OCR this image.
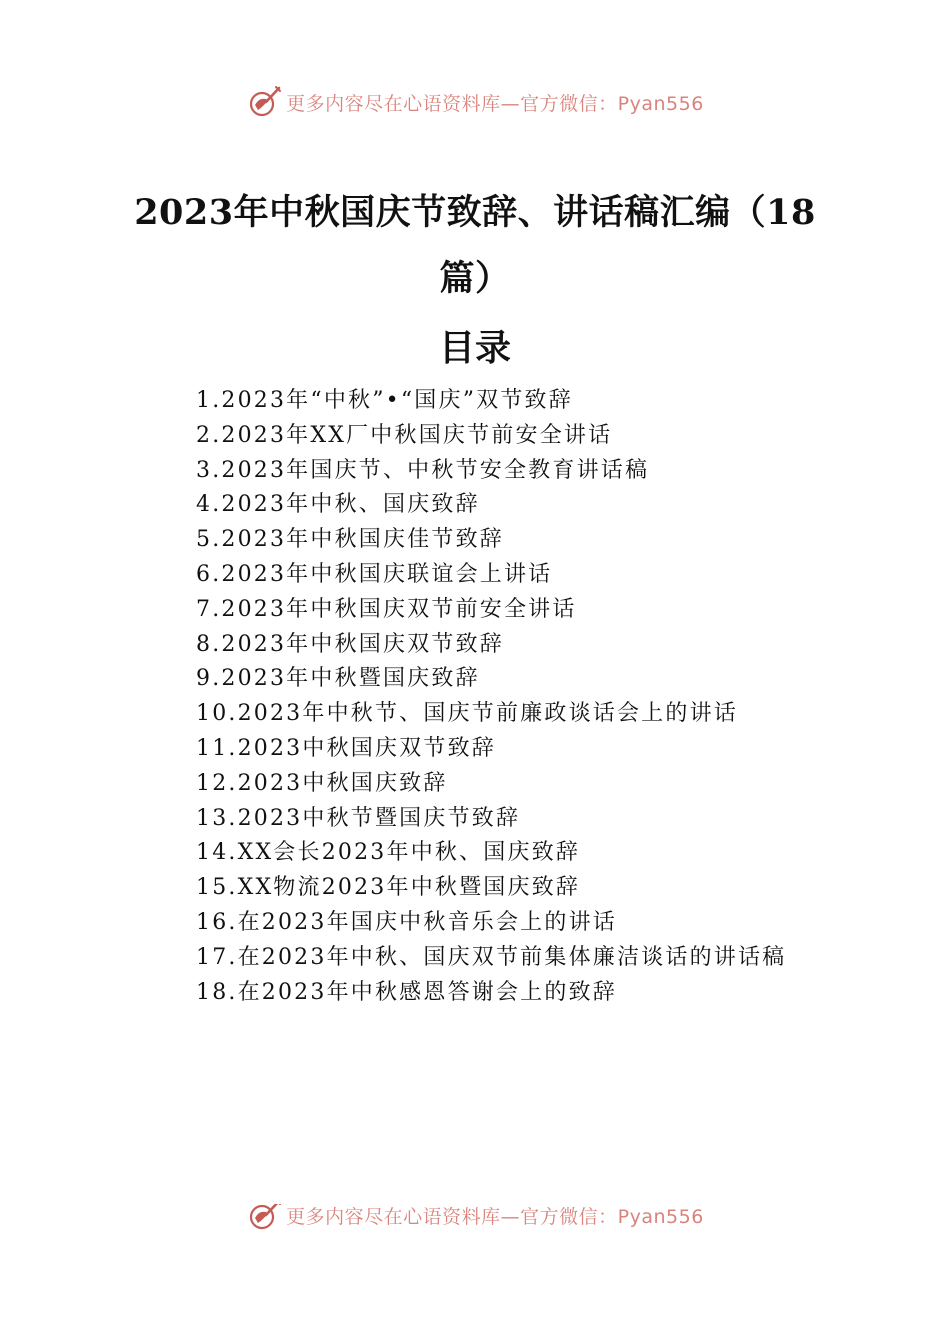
更多内容尽在心语资料库—官方微信：Pyan556
2023年中秋国庆节致辞、讲话稿汇编（18篇）
目录
1.2023年“中秋”•“国庆”双节致辞
2.2023年XX厂中秋国庆节前安全讲话
3.2023年国庆节、中秋节安全教育讲话稿
4.2023年中秋、国庆致辞
5.2023年中秋国庆佳节致辞
6.2023年中秋国庆联谊会上讲话
7.2023年中秋国庆双节前安全讲话
8.2023年中秋国庆双节致辞
9.2023年中秋暨国庆致辞
10.2023年中秋节、国庆节前廉政谈话会上的讲话
11.2023中秋国庆双节致辞
12.2023中秋国庆致辞
13.2023中秋节暨国庆节致辞
14.XX会长2023年中秋、国庆致辞
15.XX物流2023年中秋暨国庆致辞
16.在2023年国庆中秋音乐会上的讲话
17.在2023年中秋、国庆双节前集体廉洁谈话的讲话稿
18.在2023年中秋感恩答谢会上的致辞
更多内容尽在心语资料库—官方微信：Pyan556
